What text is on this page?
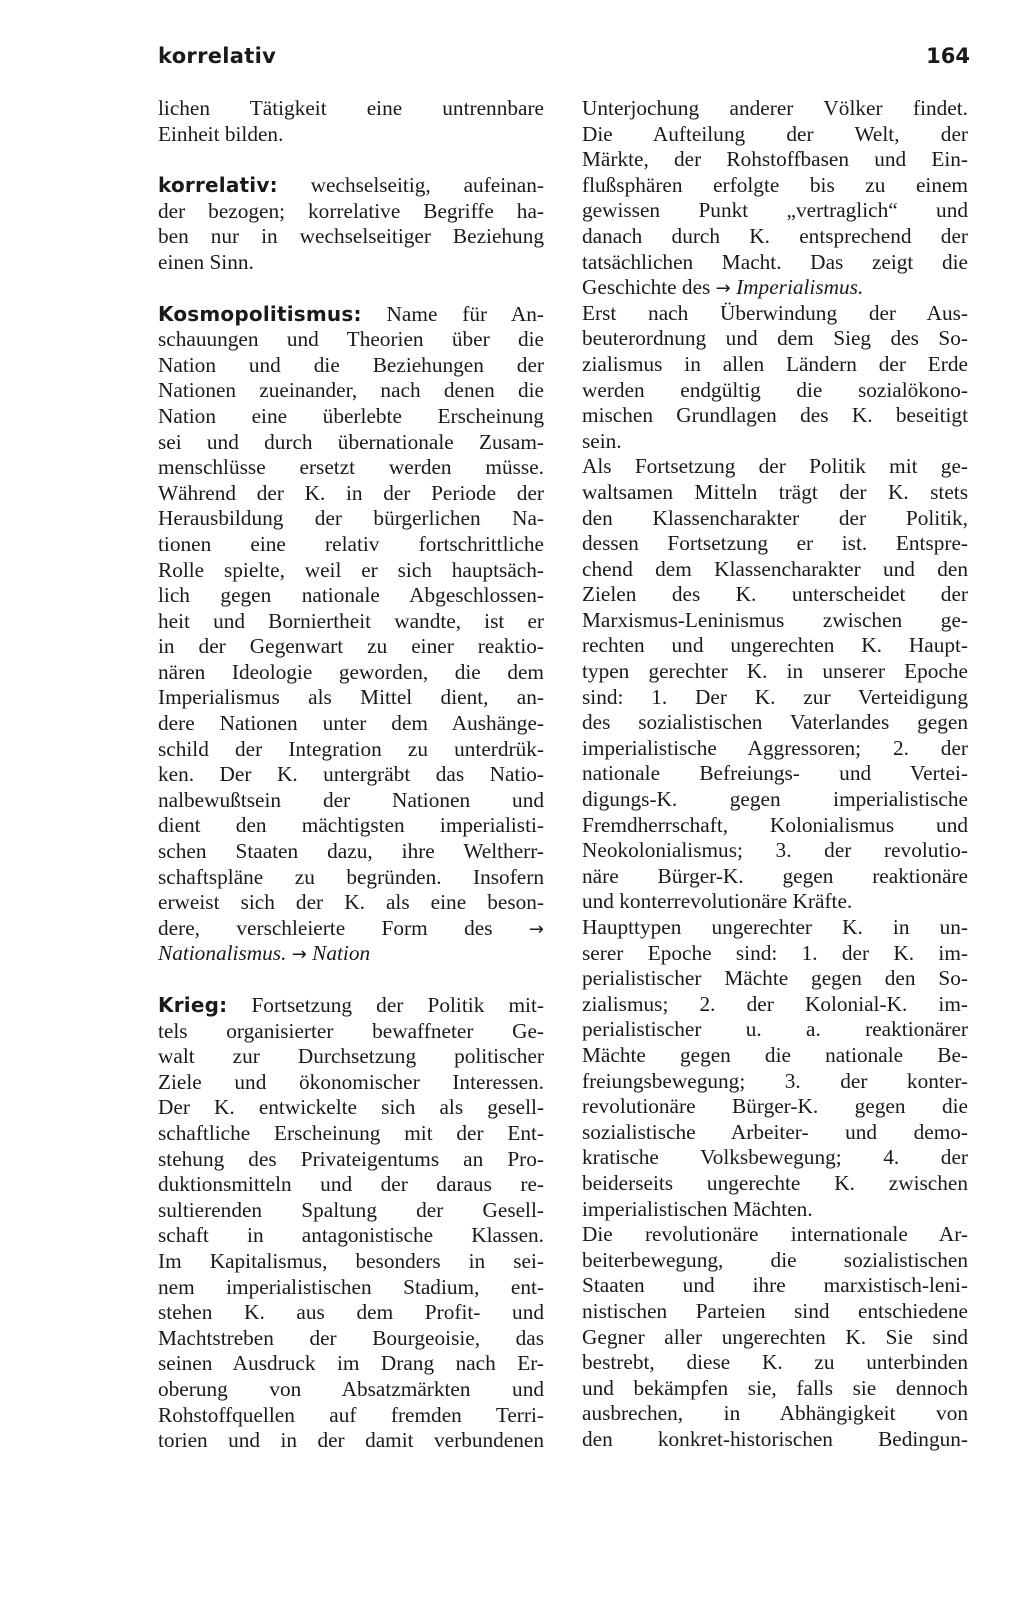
korrelativ	164
lichen Tätigkeit eine untrennbare
Einheit bilden.
korrelativ: wechselseitig, aufeinan-
der bezogen; korrelative Begriffe ha-
ben nur in wechselseitiger Beziehung
einen Sinn.
Kosmopolitismus: Name für An-
schauungen und Theorien über die
Nation und die Beziehungen der
Nationen zueinander, nach denen die
Nation eine überlebte Erscheinung
sei und durch übernationale Zusam-
menschlüsse ersetzt werden müsse.
Während der K. in der Periode der
Herausbildung der bürgerlichen Na-
tionen eine relativ fortschrittliche
Rolle spielte, weil er sich hauptsäch-
lich gegen nationale Abgeschlossen-
heit und Borniertheit wandte, ist er
in der Gegenwart zu einer reaktio-
nären Ideologie geworden, die dem
Imperialismus als Mittel dient, an-
dere Nationen unter dem Aushänge-
schild der Integration zu unterdrük-
ken. Der K. untergräbt das Natio-
nalbewußtsein der Nationen und
dient den mächtigsten imperialisti-
schen Staaten dazu, ihre Weltherr-
schaftspläne zu begründen. Insofern
erweist sich der K. als eine beson-
dere, verschleierte Form des →
Nationalismus. → Nation
Krieg: Fortsetzung der Politik mit-
tels organisierter bewaffneter Ge-
walt zur Durchsetzung politischer
Ziele und ökonomischer Interessen.
Der K. entwickelte sich als gesell-
schaftliche Erscheinung mit der Ent-
stehung des Privateigentums an Pro-
duktionsmitteln und der daraus re-
sultierenden Spaltung der Gesell-
schaft in antagonistische Klassen.
Im Kapitalismus, besonders in sei-
nem imperialistischen Stadium, ent-
stehen K. aus dem Profit- und
Machtstreben der Bourgeoisie, das
seinen Ausdruck im Drang nach Er-
oberung von Absatzmärkten und
Rohstoffquellen auf fremden Terri-
torien und in der damit verbundenen
Unterjochung anderer Völker findet.
Die Aufteilung der Welt, der
Märkte, der Rohstoffbasen und Ein-
flußsphären erfolgte bis zu einem
gewissen Punkt „vertraglich“ und
danach durch K. entsprechend der
tatsächlichen Macht. Das zeigt die
Geschichte des → Imperialismus.
Erst nach Überwindung der Aus-
beuterordnung und dem Sieg des So-
zialismus in allen Ländern der Erde
werden endgültig die sozialökono-
mischen Grundlagen des K. beseitigt
sein.
Als Fortsetzung der Politik mit ge-
waltsamen Mitteln trägt der K. stets
den Klassencharakter der Politik,
dessen Fortsetzung er ist. Entspre-
chend dem Klassencharakter und den
Zielen des K. unterscheidet der
Marxismus-Leninismus zwischen ge-
rechten und ungerechten K. Haupt-
typen gerechter K. in unserer Epoche
sind: 1. Der K. zur Verteidigung
des sozialistischen Vaterlandes gegen
imperialistische Aggressoren; 2. der
nationale Befreiungs- und Vertei-
digungs-K. gegen imperialistische
Fremdherrschaft, Kolonialismus und
Neokolonialismus; 3. der revolutio-
näre Bürger-K. gegen reaktionäre
und konterrevolutionäre Kräfte.
Haupttypen ungerechter K. in un-
serer Epoche sind: 1. der K. im-
perialistischer Mächte gegen den So-
zialismus; 2. der Kolonial-K. im-
perialistischer u. a. reaktionärer
Mächte gegen die nationale Be-
freiungsbewegung; 3. der konter-
revolutionäre Bürger-K. gegen die
sozialistische Arbeiter- und demo-
kratische Volksbewegung; 4. der
beiderseits ungerechte K. zwischen
imperialistischen Mächten.
Die revolutionäre internationale Ar-
beiterbewegung, die sozialistischen
Staaten und ihre marxistisch-leni-
nistischen Parteien sind entschiedene
Gegner aller ungerechten K. Sie sind
bestrebt, diese K. zu unterbinden
und bekämpfen sie, falls sie dennoch
ausbrechen, in Abhängigkeit von
den konkret-historischen Bedingun-
